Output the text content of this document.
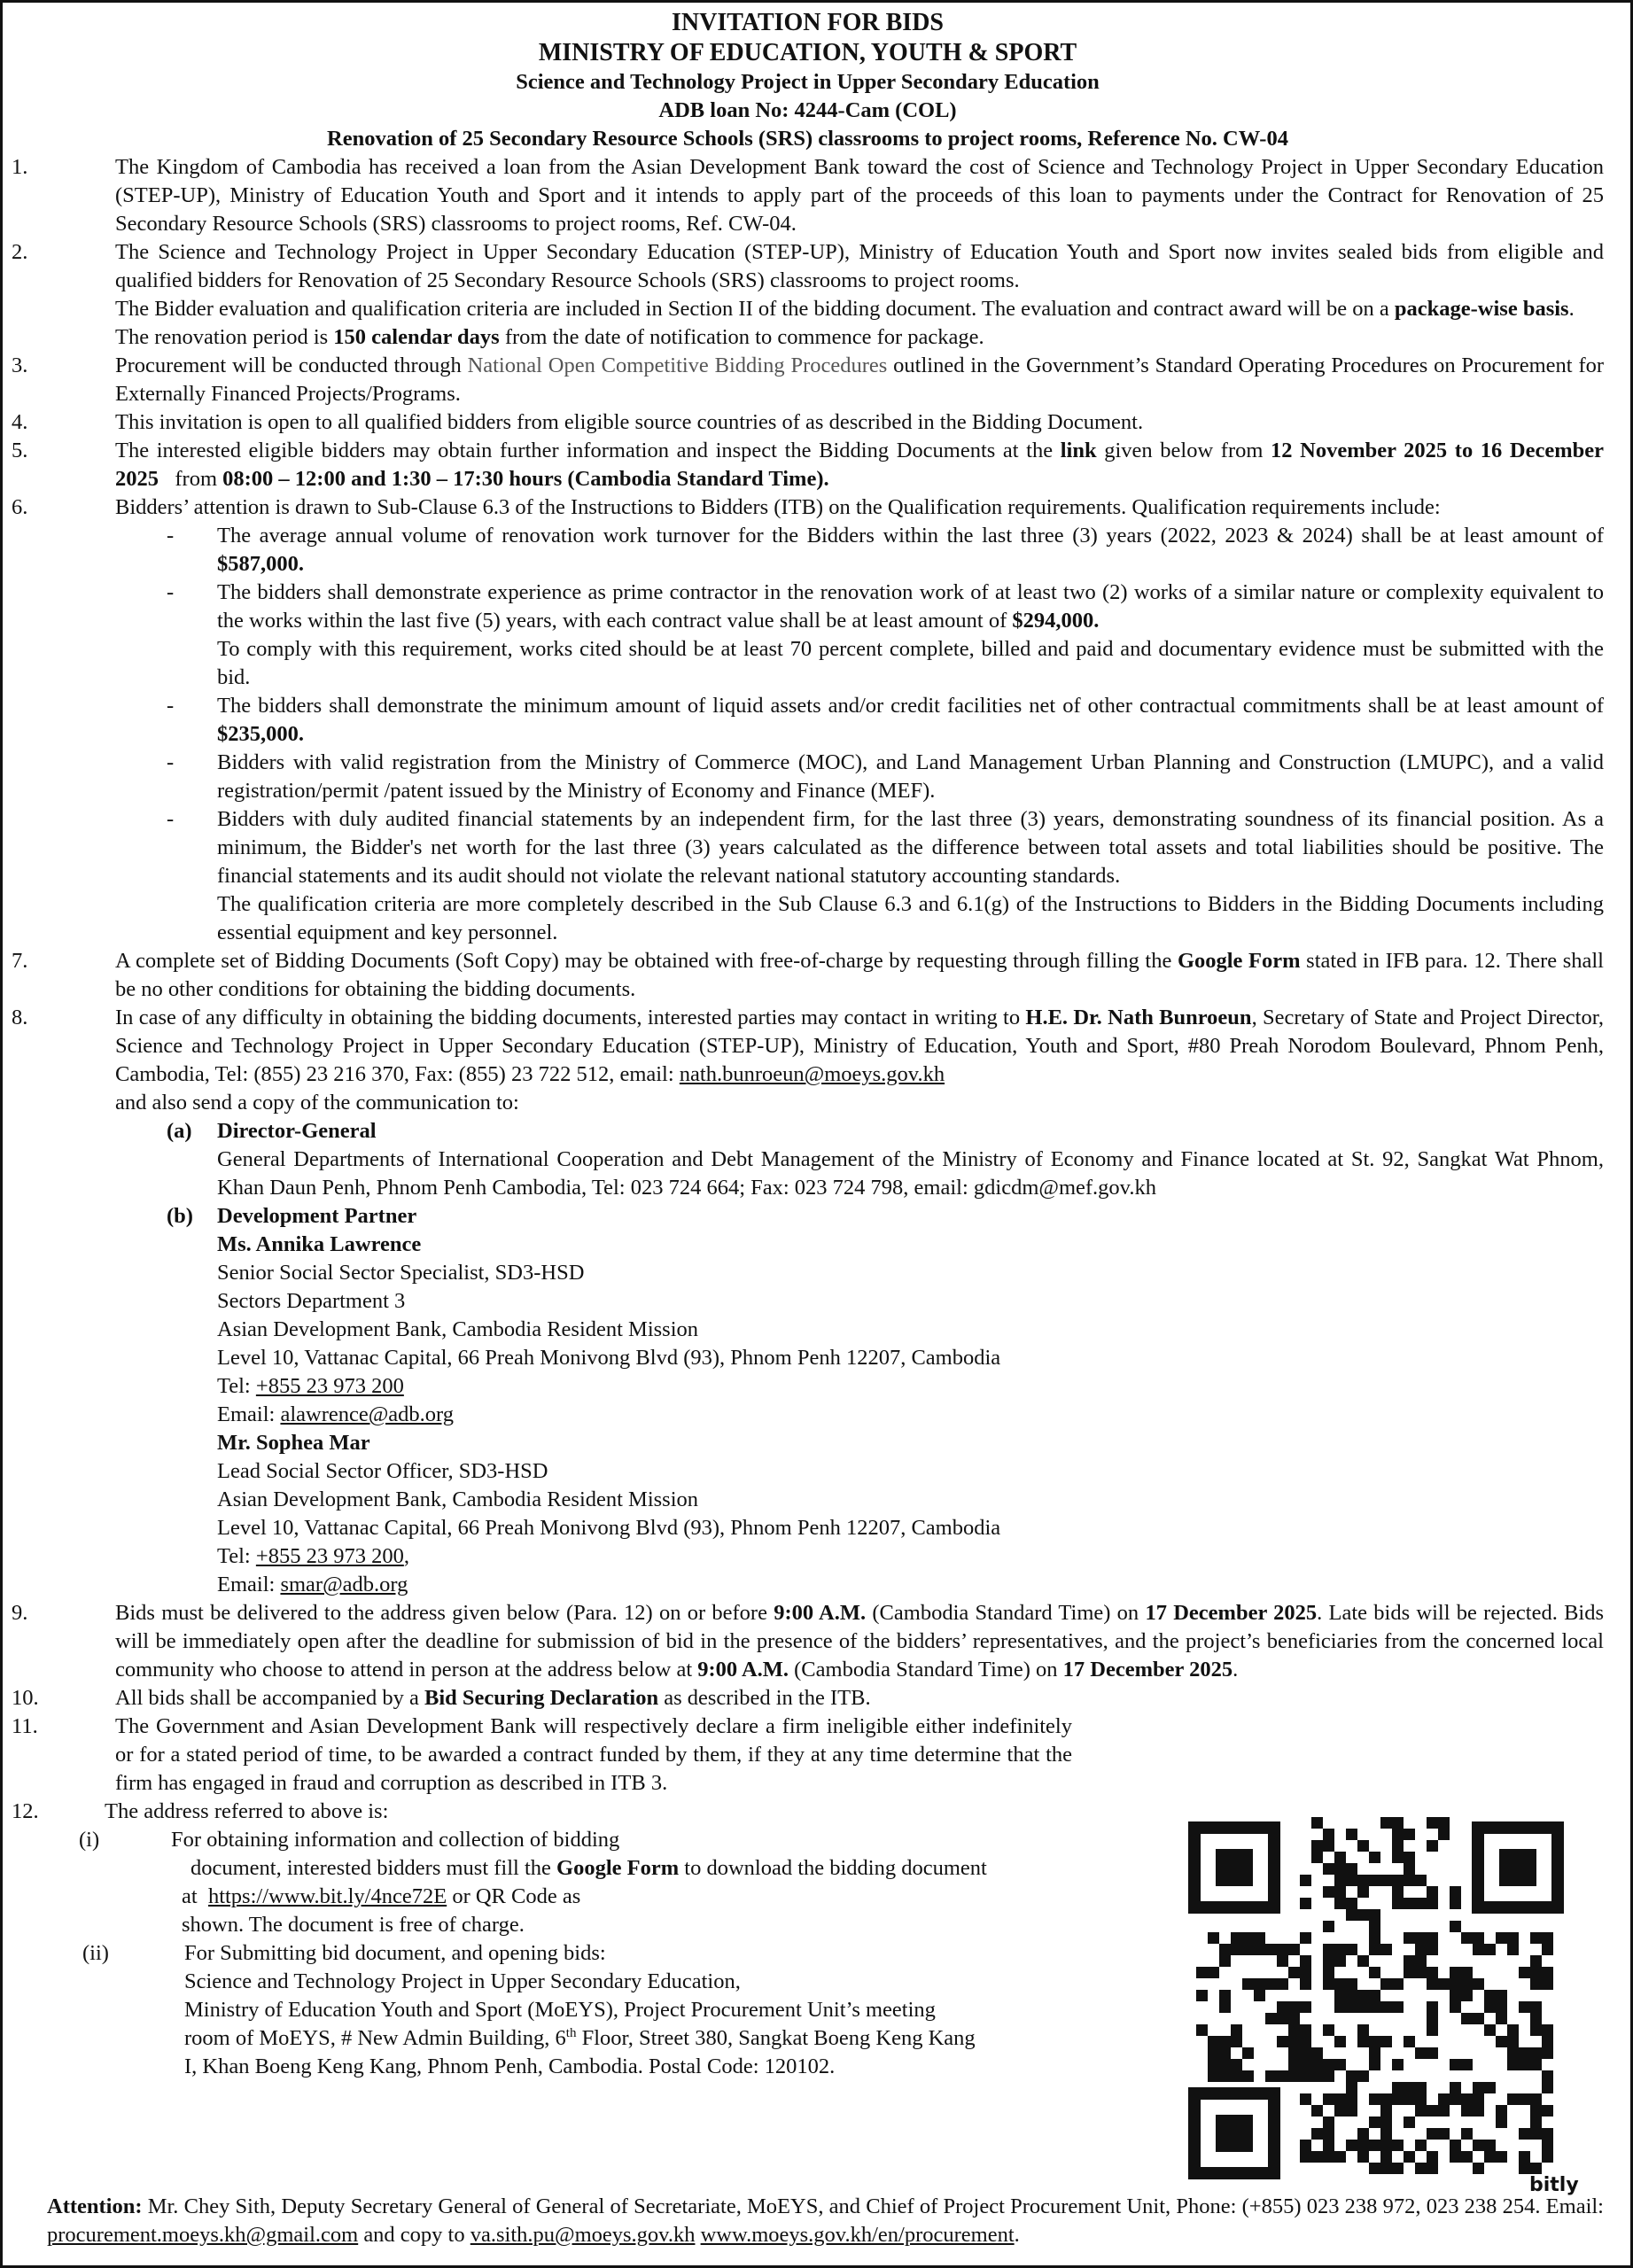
INVITATION FOR BIDS
MINISTRY OF EDUCATION, YOUTH & SPORT
Science and Technology Project in Upper Secondary Education
ADB loan No: 4244-Cam (COL)
Renovation of 25 Secondary Resource Schools (SRS) classrooms to project rooms, Reference No. CW-04
1.	The Kingdom of Cambodia has received a loan from the Asian Development Bank toward the cost of Science and Technology Project in Upper Secondary Education (STEP-UP), Ministry of Education Youth and Sport and it intends to apply part of the proceeds of this loan to payments under the Contract for Renovation of 25 Secondary Resource Schools (SRS) classrooms to project rooms, Ref. CW-04.
2.	The Science and Technology Project in Upper Secondary Education (STEP-UP), Ministry of Education Youth and Sport now invites sealed bids from eligible and qualified bidders for Renovation of 25 Secondary Resource Schools (SRS) classrooms to project rooms.
The Bidder evaluation and qualification criteria are included in Section II of the bidding document. The evaluation and contract award will be on a package-wise basis.
The renovation period is 150 calendar days from the date of notification to commence for package.
3.	Procurement will be conducted through National Open Competitive Bidding Procedures outlined in the Government’s Standard Operating Procedures on Procurement for Externally Financed Projects/Programs.
4.	This invitation is open to all qualified bidders from eligible source countries of as described in the Bidding Document.
5.	The interested eligible bidders may obtain further information and inspect the Bidding Documents at the link given below from 12 November 2025 to 16 December 2025 from 08:00 – 12:00 and 1:30 – 17:30 hours (Cambodia Standard Time).
6.	Bidders’ attention is drawn to Sub-Clause 6.3 of the Instructions to Bidders (ITB) on the Qualification requirements. Qualification requirements include:
- The average annual volume of renovation work turnover for the Bidders within the last three (3) years (2022, 2023 & 2024) shall be at least amount of $587,000.
- The bidders shall demonstrate experience as prime contractor in the renovation work of at least two (2) works of a similar nature or complexity equivalent to the works within the last five (5) years, with each contract value shall be at least amount of $294,000.
To comply with this requirement, works cited should be at least 70 percent complete, billed and paid and documentary evidence must be submitted with the bid.
- The bidders shall demonstrate the minimum amount of liquid assets and/or credit facilities net of other contractual commitments shall be at least amount of $235,000.
- Bidders with valid registration from the Ministry of Commerce (MOC), and Land Management Urban Planning and Construction (LMUPC), and a valid registration/permit /patent issued by the Ministry of Economy and Finance (MEF).
- Bidders with duly audited financial statements by an independent firm, for the last three (3) years, demonstrating soundness of its financial position. As a minimum, the Bidder's net worth for the last three (3) years calculated as the difference between total assets and total liabilities should be positive. The financial statements and its audit should not violate the relevant national statutory accounting standards.
The qualification criteria are more completely described in the Sub Clause 6.3 and 6.1(g) of the Instructions to Bidders in the Bidding Documents including essential equipment and key personnel.
7.	A complete set of Bidding Documents (Soft Copy) may be obtained with free-of-charge by requesting through filling the Google Form stated in IFB para. 12. There shall be no other conditions for obtaining the bidding documents.
8.	In case of any difficulty in obtaining the bidding documents, interested parties may contact in writing to H.E. Dr. Nath Bunroeun, Secretary of State and Project Director, Science and Technology Project in Upper Secondary Education (STEP-UP), Ministry of Education, Youth and Sport, #80 Preah Norodom Boulevard, Phnom Penh, Cambodia, Tel: (855) 23 216 370, Fax: (855) 23 722 512, email: nath.bunroeun@moeys.gov.kh
and also send a copy of the communication to:
(a) Director-General
General Departments of International Cooperation and Debt Management of the Ministry of Economy and Finance located at St. 92, Sangkat Wat Phnom, Khan Daun Penh, Phnom Penh Cambodia, Tel: 023 724 664; Fax: 023 724 798, email: gdicdm@mef.gov.kh
(b) Development Partner
Ms. Annika Lawrence
Senior Social Sector Specialist, SD3-HSD
Sectors Department 3
Asian Development Bank, Cambodia Resident Mission
Level 10, Vattanac Capital, 66 Preah Monivong Blvd (93), Phnom Penh 12207, Cambodia
Tel: +855 23 973 200
Email: alawrence@adb.org
Mr. Sophea Mar
Lead Social Sector Officer, SD3-HSD
Asian Development Bank, Cambodia Resident Mission
Level 10, Vattanac Capital, 66 Preah Monivong Blvd (93), Phnom Penh 12207, Cambodia
Tel: +855 23 973 200,
Email: smar@adb.org
9.	Bids must be delivered to the address given below (Para. 12) on or before 9:00 A.M. (Cambodia Standard Time) on 17 December 2025. Late bids will be rejected. Bids will be immediately open after the deadline for submission of bid in the presence of the bidders’ representatives, and the project’s beneficiaries from the concerned local community who choose to attend in person at the address below at 9:00 A.M. (Cambodia Standard Time) on 17 December 2025.
10.	All bids shall be accompanied by a Bid Securing Declaration as described in the ITB.
11.	The Government and Asian Development Bank will respectively declare a firm ineligible either indefinitely or for a stated period of time, to be awarded a contract funded by them, if they at any time determine that the firm has engaged in fraud and corruption as described in ITB 3.
12.	The address referred to above is:
(i)	For obtaining information and collection of bidding
document, interested bidders must fill the Google Form to download the bidding document
at https://www.bit.ly/4nce72E or QR Code as
shown. The document is free of charge.
(ii)	For Submitting bid document, and opening bids:
Science and Technology Project in Upper Secondary Education,
Ministry of Education Youth and Sport (MoEYS), Project Procurement Unit’s meeting
room of MoEYS, # New Admin Building, 6th Floor, Street 380, Sangkat Boeng Keng Kang
I, Khan Boeng Keng Kang, Phnom Penh, Cambodia. Postal Code: 120102.
bitly
Attention: Mr. Chey Sith, Deputy Secretary General of General of Secretariate, MoEYS, and Chief of Project Procurement Unit, Phone: (+855) 023 238 972, 023 238 254. Email: procurement.moeys.kh@gmail.com and copy to va.sith.pu@moeys.gov.kh www.moeys.gov.kh/en/procurement.
